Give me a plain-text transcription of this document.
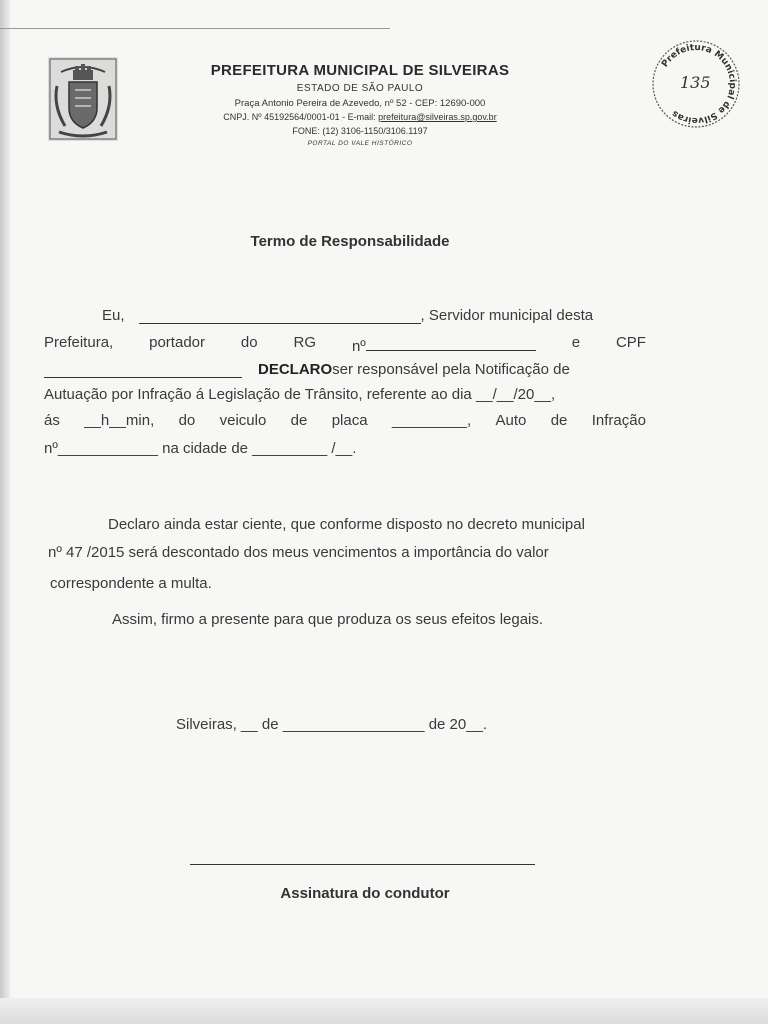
PREFEITURA MUNICIPAL DE SILVEIRAS
ESTADO DE SÃO PAULO
Praça Antonio Pereira de Azevedo, nº 52 - CEP: 12690-000
CNPJ. Nº 45192564/0001-01 - E-mail: prefeitura@silveiras.sp.gov.br
FONE: (12) 3106-1150/3106.1197
PORTAL DO VALE HISTÓRICO
Prefeitura Municipal de Silveiras
135
Termo de Responsabilidade
Eu,	, Servidor municipal desta
Prefeitura, portador do RG nº	e CPF
DECLARO ser responsável pela Notificação de
Autuação por Infração á Legislação de Trânsito, referente ao dia __/__/20__,
ás __h__min, do veiculo de placa _________, Auto de Infração
nº____________ na cidade de _________ /__.
Declaro ainda estar ciente, que conforme disposto no decreto municipal
nº 47 /2015 será descontado dos meus vencimentos a importância do valor
correspondente a multa.
Assim, firmo a presente para que produza os seus efeitos legais.
Silveiras, __ de _________________ de 20__.
Assinatura do condutor
